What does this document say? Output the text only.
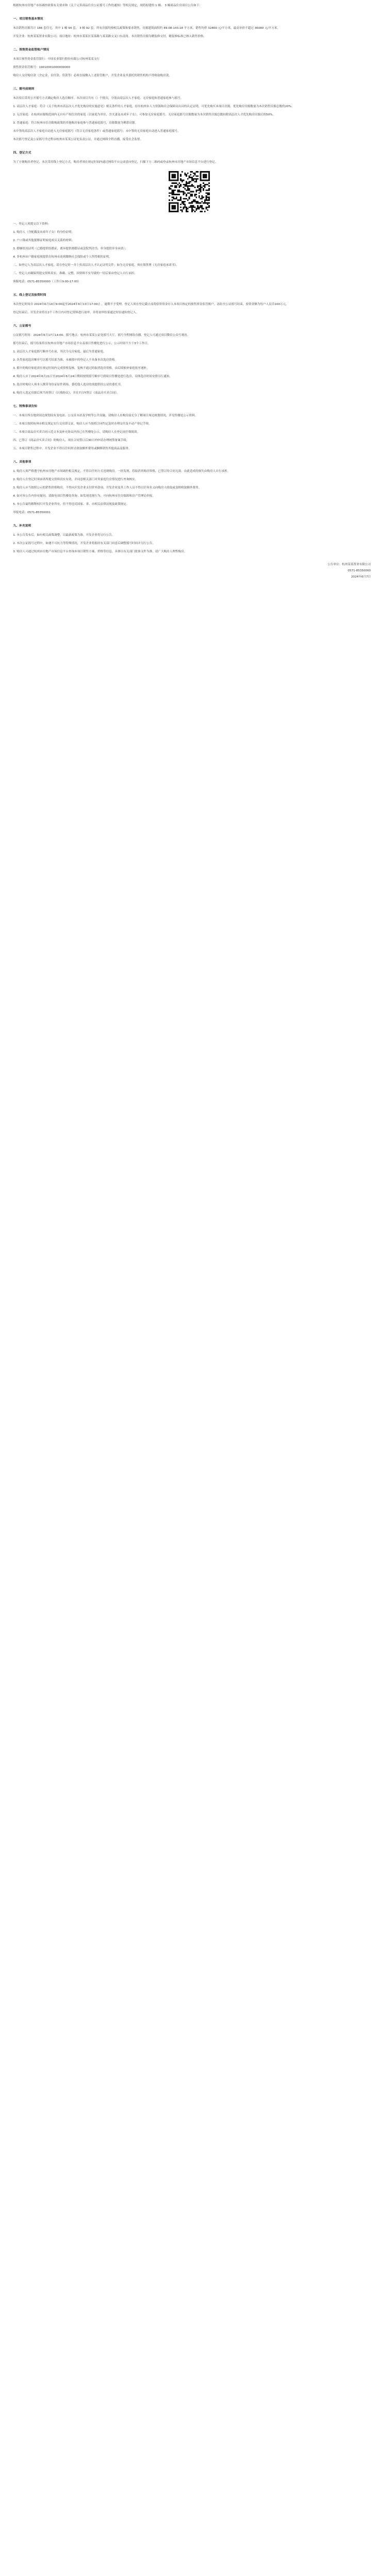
根据杭州市房地产市场调控政策有关要求和《关于完善商品住房公证摇号工作的通知》等相关规定，现将拟建的 1 幢、 3 幢商品住房项目公告如下：

一、项目销售基本情况

本次销售房源共计 186 套住宅，其中 1 幢 94 套， 3 幢 92 套。所有房源均按相关政策和要求销售，房源建筑面积约 89.08-143.18 平方米，销售均价 32800 元/平方米，最高单价不超过 36080 元/平方米。

开发企业：杭州某某置业有限公司；项目地址：杭州市某某区某某路与某某路交叉口东南角。本次销售房源为精装修交付，精装修标准已纳入销售价格。

二、预售资金监管账户情况

本项目预售资金监管银行：中国农业银行股份有限公司杭州某某支行

预售资金监管账号：19010001000000000

购房人交付购房款（含定金、首付款、贷款等）必须直接缴入上述监管账户，开发企业及其委托的销售机构不得收取购房款。

三、摇号前规则

本次项目采用公开摇号方式确定购房人选房顺序。本次项目共有（）个批次，分别由高层次人才家庭、无房家庭和普通家庭参与摇号。

1. 高层次人才家庭：符合《关于杭州市高层次人才优先购房的实施意见》相关条件的人才家庭，持有杭州市人力资源和社会保障局出具的认定证明，可优先购买本项目房源，优先购房房源数量为本次销售房源总数的20%。

2. 无房家庭：在杭州市限购范围内无自有产权住房的家庭（以家庭为单位，含夫妻及未成年子女），可参加无房家庭摇号。无房家庭摇号房源数量为本次销售房源总数扣除高层次人才优先购房房源后的50%。

3. 普通家庭：符合杭州市住房限购政策的其他购房家庭参与普通家庭摇号，房源数量为剩余房源。

未中签的高层次人才家庭自动进入无房家庭摇号（符合无房家庭条件）或普通家庭摇号；未中签的无房家庭自动进入普通家庭摇号。

本次摇号登记及公证摇号全过程由杭州市某某公证处负责公证，并通过网络全程直播，接受社会监督。

四、登记方式

为了方便购房者登记，本次采用线上登记方式。购房者须在规定时间内通过网络平台完成意向登记，扫描下方二维码或登录杭州市房地产市场信息平台进行登记。

一、登记人须提交以下资料：

1. 购房人（含配偶及未成年子女）的身份证明；

2. 户口簿或其他能够证明家庭成员关系的材料；

3. 婚姻状况证明（已婚提供结婚证，离异提供离婚证或法院判决书，单身提供单身承诺）；

4. 非杭州市户籍家庭须提供在杭州市连续缴纳社会保险或个人所得税的证明。

二、如登记人为高层次人才家庭，请在登记时一并上传高层次人才认定证明文件；如为无房家庭，须在线签署《无房家庭承诺书》。

三、登记人应确保所提交资料真实、准确、完整，因资料不实导致的一切后果由登记人自行承担。

客服电话：0571-85350000（工作日9:00-17:00）

五、线上登记及验资时间

本次登记时间自 2024年6月10日9:00起至2024年6月13日17:00止 ，逾期不予受理。登记人须在登记截止前将验资资金存入本项目指定的预售资金监管账户，冻结至公证摇号结束，验资金额为每户人民币100万元。

登记结束后，开发企业将在2个工作日内对登记资料进行初审，并将初审结果通过短信通知登记人。

六、公证摇号

公证摇号时间：2024年6月17日14:00，摇号地点：杭州市某某公证处摇号大厅。摇号全程网络直播，登记人可通过项目微信公众号观看。

摇号结束后，摇号结果将在杭州市房地产市场信息平台及项目售楼处进行公示，公示时间不少于3个工作日。

1. 高层次人才家庭摇号顺序号在前，其次为无房家庭，最后为普通家庭。

2. 各类家庭选房顺序号以摇号结果为准，未被摇中的登记人不具备本次选房资格。

3. 摇中的购房家庭需在规定时间内完成资格复核，复核不通过的取消选房资格，由后续候补家庭依序递补。

4. 购房人应于2024年6月21日至2024年6月24日期间按照摇号顺序号到项目售楼处进行选房，具体选房时间安排另行通知。

5. 选房时购房人须本人携带身份证原件到场，委托他人选房的需提供经公证的委托书。

6. 购房人选定房源后须当场签订《认购协议》，并在7日内签订《商品房买卖合同》。

七、特殊事项告知

一、本项目所在地块周边规划设有变电站、公交首末站及学校等公共设施，请购房人在购房前充分了解项目周边规划情况，详见售楼处公示资料。

二、本项目按照杭州市相关规定实行交房即交证，购房人应当按照合同约定及时办理交付及不动产登记手续。

三、本项目商品房买卖合同示范文本及补充协议内容已在售楼处公示，请购房人在登记前仔细阅读。

四、已签订《商品房买卖合同》的购房人，须在合同签订后30日内申请办理网签备案手续。

五、本项目销售过程中，开发企业不得以任何形式收取额外费用或捆绑销售其他商品及服务。

八、其他事项

1. 购房人须严格遵守杭州市房地产市场调控相关规定，不得以任何方式违规购房。一经发现，将取消其购房资格，已签订的合同无效，由此造成的损失由购房人自行承担。

2. 购房人在登记时须承诺所提交资料真实有效，并同意相关部门对其家庭住房情况进行查询核实。

3. 购房人应当按照公示的销售价格购房，不得向开发企业支付价外款项。开发企业及其工作人员不得以任何名义向购房人收取或变相收取额外费用。

4. 如对本公告内容有疑问，请致电项目售楼处咨询；如发现违规行为，可向杭州市住房保障和房产管理局举报。

5. 本公告最终解释权归开发企业所有，但不得违反国家、省、市相关法律法规及政策规定。

举报电话：0571-85350001

九、补充说明

1. 本公告发布后，如有相关政策调整，以最新政策为准，开发企业将另行公告。

2. 本次公证摇号过程中，如遇不可抗力等特殊情况，开发企业将报经有关部门同意后调整摇号时间并另行公告。

3. 购房人可通过杭州市房地产市场信息平台查询本项目销售方案、价格等信息，具体以有关部门批准文件为准，请广大购房人理性购房。

公告单位：杭州某某置业有限公司
0571-85350000
2024年6月7日
